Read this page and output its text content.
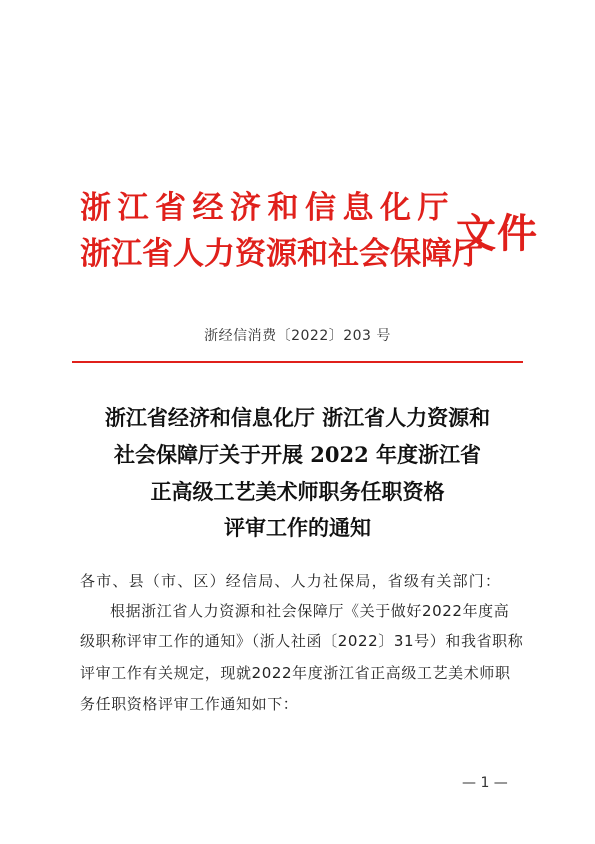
浙江省经济和信息化厅
浙江省人力资源和社会保障厅
文件
浙经信消费〔2022〕203 号
浙江省经济和信息化厅 浙江省人力资源和
社会保障厅关于开展 2022 年度浙江省
正高级工艺美术师职务任职资格
评审工作的通知
各市、县（市、区）经信局、人力社保局，省级有关部门：
根据浙江省人力资源和社会保障厅《关于做好2022年度高
级职称评审工作的通知》（浙人社函〔2022〕31号）和我省职称
评审工作有关规定，现就2022年度浙江省正高级工艺美术师职
务任职资格评审工作通知如下：
— 1 —
